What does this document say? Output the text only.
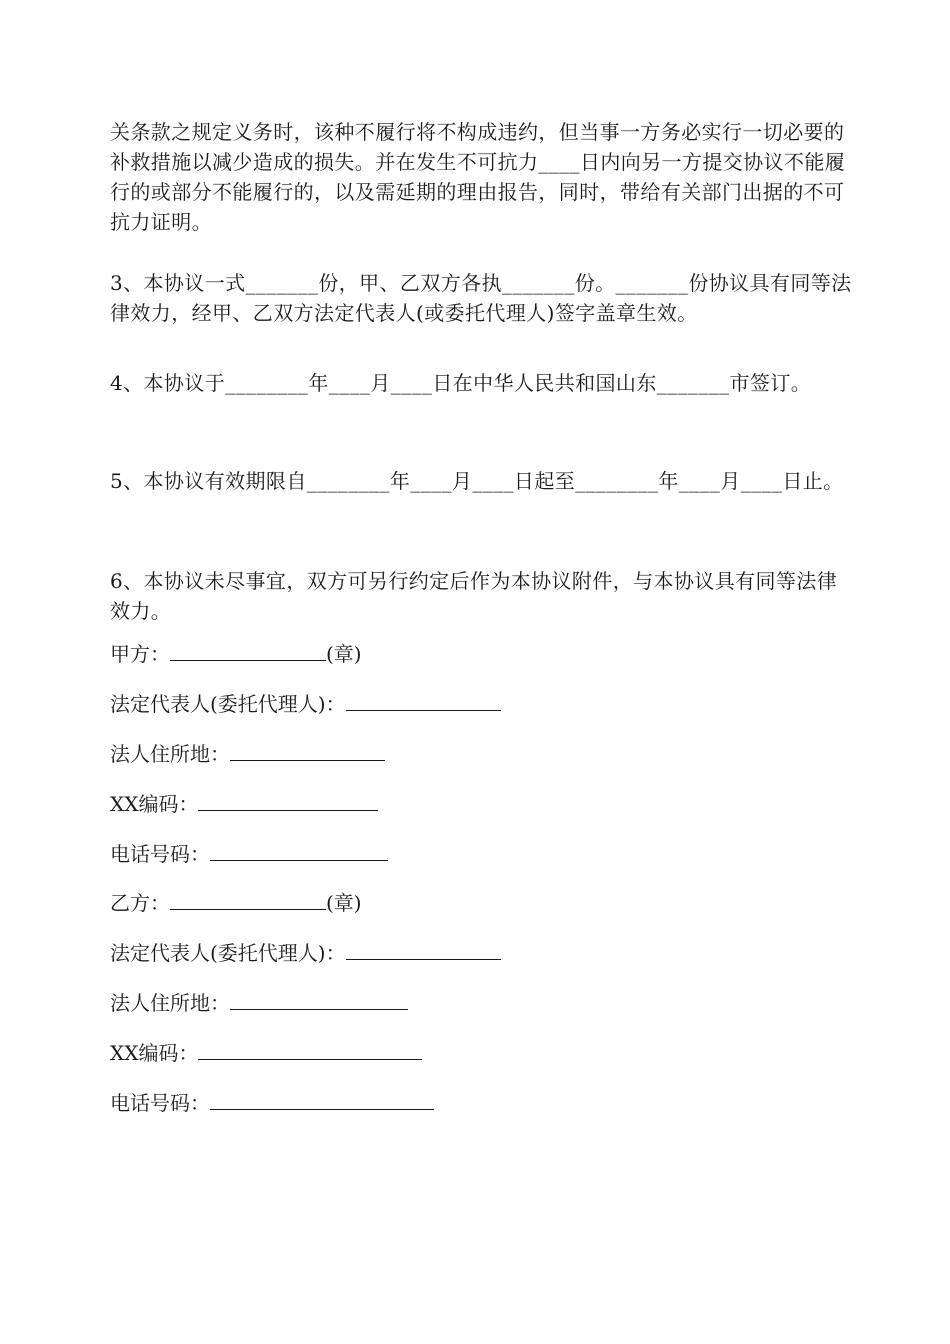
关条款之规定义务时，该种不履行将不构成违约，但当事一方务必实行一切必要的补救措施以减少造成的损失。并在发生不可抗力____日内向另一方提交协议不能履行的或部分不能履行的，以及需延期的理由报告，同时，带给有关部门出据的不可抗力证明。

3、本协议一式_______份，甲、乙双方各执_______份。_______份协议具有同等法律效力，经甲、乙双方法定代表人(或委托代理人)签字盖章生效。

4、本协议于________年____月____日在中华人民共和国山东_______市签订。

5、本协议有效期限自________年____月____日起至________年____月____日止。

6、本协议未尽事宜，双方可另行约定后作为本协议附件，与本协议具有同等法律效力。

甲方：	(章)
法定代表人(委托代理人)：
法人住所地：
XX编码：
电话号码：
乙方：	(章)
法定代表人(委托代理人)：
法人住所地：
XX编码：
电话号码：
